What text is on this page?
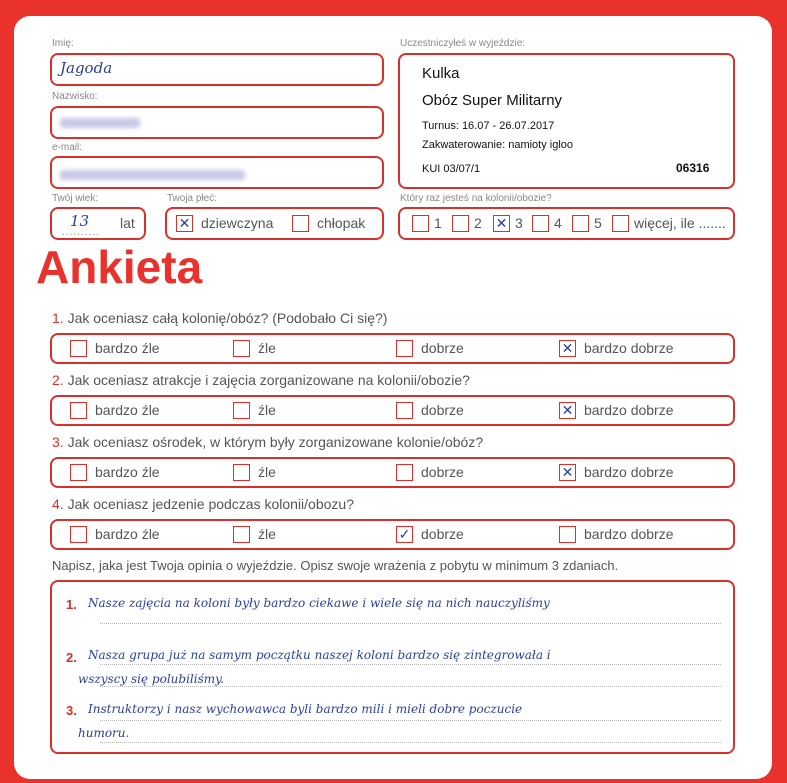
Imię:
Jagoda
Nazwisko:
e-mail:
Twój wiek:
13
..........
lat
Twoja płeć:
✕ dziewczyna	chłopak
Uczestniczyłeś w wyjeździe:
Kulka
Obóz Super Militarny
Turnus: 16.07 - 26.07.2017
Zakwaterowanie: namioty igloo
KUI 03/07/1	06316
Który raz jesteś na kolonii/obozie?
1 2 ✕ 3 4 5 więcej, ile .......
Ankieta
1. Jak oceniasz całą kolonię/obóz? (Podobało Ci się?)
bardzo źle	źle	dobrze	✕ bardzo dobrze
2. Jak oceniasz atrakcje i zajęcia zorganizowane na kolonii/obozie?
bardzo źle	źle	dobrze	✕ bardzo dobrze
3. Jak oceniasz ośrodek, w którym były zorganizowane kolonie/obóz?
bardzo źle	źle	dobrze	✕ bardzo dobrze
4. Jak oceniasz jedzenie podczas kolonii/obozu?
bardzo źle	źle	✓ dobrze	bardzo dobrze
Napisz, jaka jest Twoja opinia o wyjeździe. Opisz swoje wrażenia z pobytu w minimum 3 zdaniach.
1.
2.
3.
Nasze zajęcia na koloni były bardzo ciekawe i wiele się na nich nauczyliśmy
Nasza grupa już na samym początku naszej koloni bardzo się zintegrowała i
wszyscy się polubiliśmy.
Instruktorzy i nasz wychowawca byli bardzo mili i mieli dobre poczucie
humoru.
